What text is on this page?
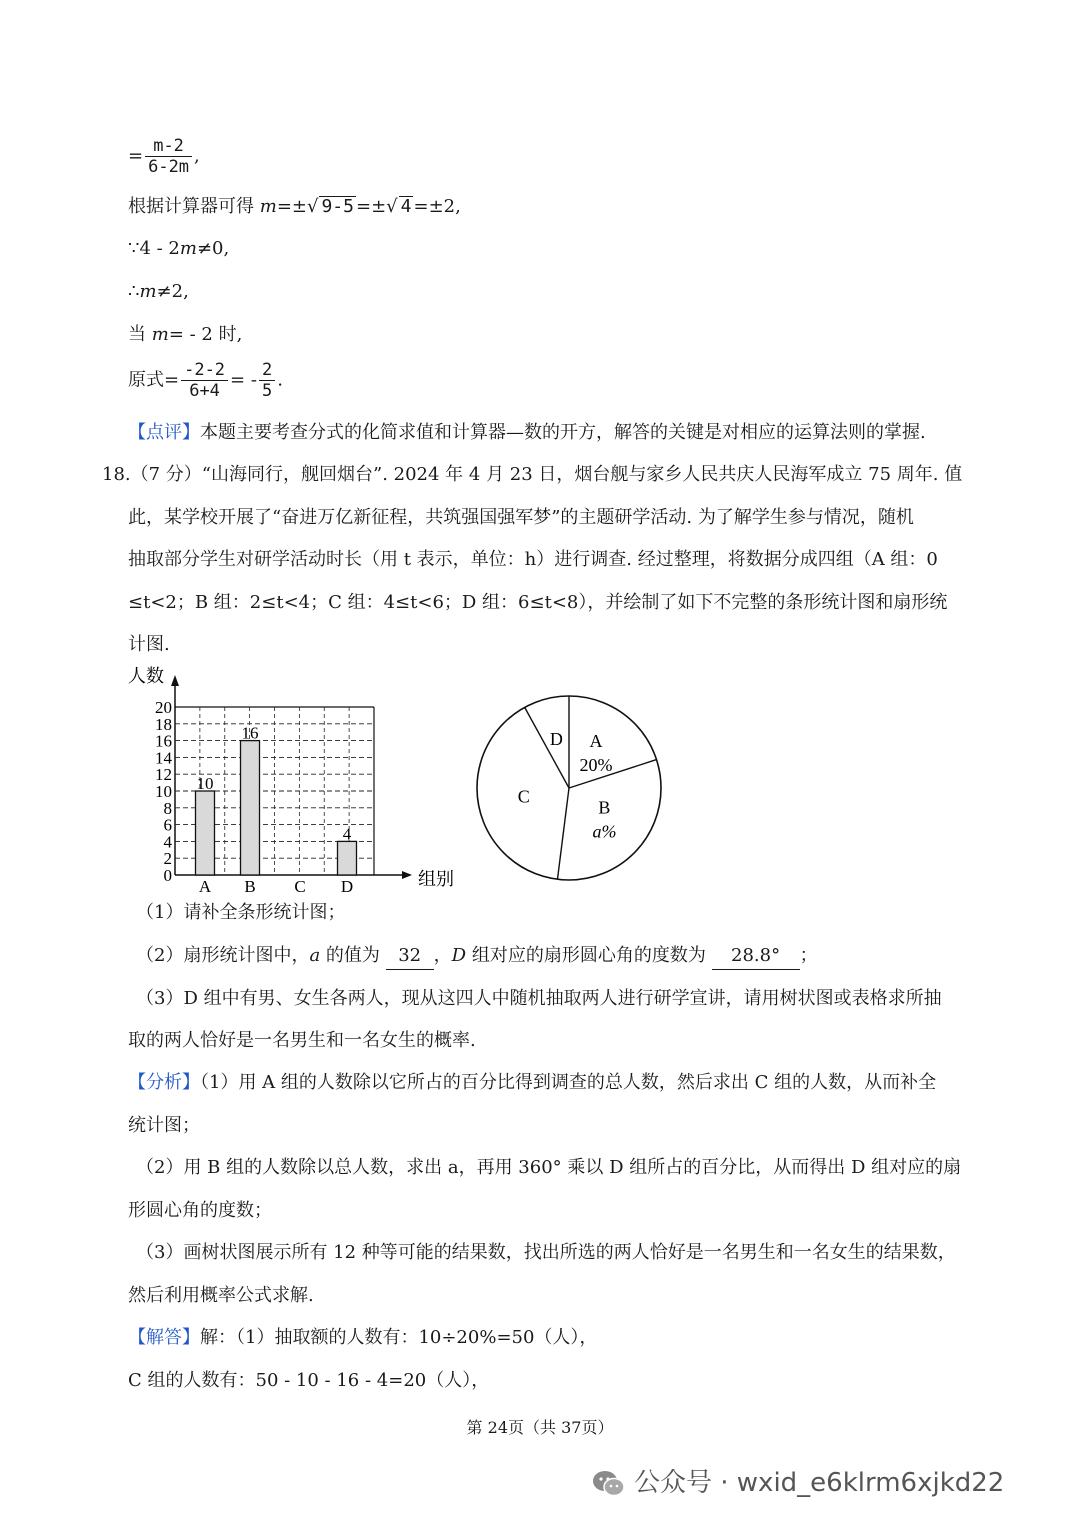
= $\frac{m-2}{6-2m}$ ,
根据计算器可得 m=±√ 9-5 =±√ 4 =±2,
∵4 - 2m≠0,
∴m≠2,
当 m= - 2 时,
原式= $\frac{-2-2}{6+4}$ = - $\frac{2}{5}$ .
【点评】本题主要考查分式的化简求值和计算器—数的开方，解答的关键是对相应的运算法则的掌握.
18.（7 分）“山海同行，舰回烟台”. 2024 年 4 月 23 日，烟台舰与家乡人民共庆人民海军成立 75 周年. 值
此，某学校开展了“奋进万亿新征程，共筑强国强军梦”的主题研学活动. 为了解学生参与情况，随机
抽取部分学生对研学活动时长（用 t 表示，单位：h）进行调查. 经过整理，将数据分成四组（A 组：0
≤t<2；B 组：2≤t<4；C 组：4≤t<6；D 组：6≤t<8），并绘制了如下不完整的条形统计图和扇形统
计图.
人数
组别
0
2
4
6
8
10
12
14
16
18
20
10
A
16
B C
4
D
A
20%
B
a%
C
D
（1）请补全条形统计图；
（2）扇形统计图中，a 的值为 32 ，D 组对应的扇形圆心角的度数为 28.8° ；
（3）D 组中有男、女生各两人，现从这四人中随机抽取两人进行研学宣讲，请用树状图或表格求所抽
取的两人恰好是一名男生和一名女生的概率.
【分析】（1）用 A 组的人数除以它所占的百分比得到调查的总人数，然后求出 C 组的人数，从而补全
统计图；
（2）用 B 组的人数除以总人数，求出 a，再用 360° 乘以 D 组所占的百分比，从而得出 D 组对应的扇
形圆心角的度数；
（3）画树状图展示所有 12 种等可能的结果数，找出所选的两人恰好是一名男生和一名女生的结果数，
然后利用概率公式求解.
【解答】解：（1）抽取额的人数有：10÷20%=50（人），
C 组的人数有：50 - 10 - 16 - 4=20（人），
第 24页（共 37页）
公众号 · wxid_e6klrm6xjkd22
